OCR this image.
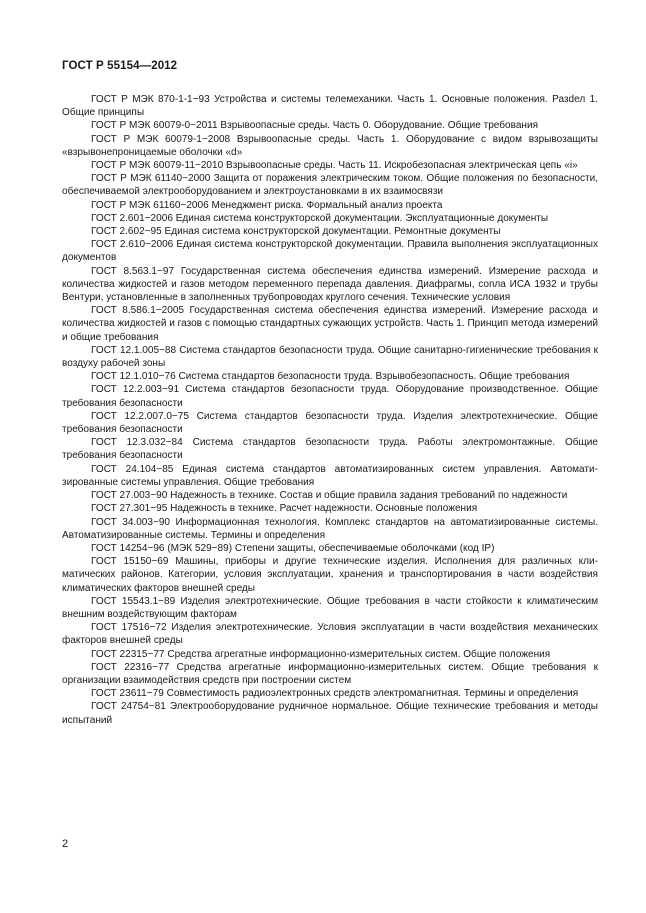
ГОСТ Р 55154—2012
ГОСТ Р МЭК 870-1-1−93 Устройства и системы телемеханики. Часть 1. Основные положения. Разdел 1. Общие принципы
ГОСТ Р МЭК 60079-0−2011 Взрывоопасные среды. Часть 0. Оборудование. Общие требования
ГОСТ Р МЭК 60079-1−2008 Взрывоопасные среды. Часть 1. Оборудование с видом взрывозащиты «взрывонепроницаемые оболочки «d»
ГОСТ Р МЭК 60079-11−2010 Взрывоопасные среды. Часть 11. Искробезопасная электрическая цепь «i»
ГОСТ Р МЭК 61140−2000 Защита от поражения электрическим током. Общие положения по безопасности, обеспечиваемой электрооборудованием и электроустановками в их взаимосвязи
ГОСТ Р МЭК 61160−2006 Менеджмент риска. Формальный анализ проекта
ГОСТ 2.601−2006 Единая система конструкторской документации. Эксплуатационные документы
ГОСТ 2.602−95 Единая система конструкторской документации. Ремонтные документы
ГОСТ 2.610−2006 Единая система конструкторской документации. Правила выполнения эксплуатационных документов
ГОСТ 8.563.1−97 Государственная система обеспечения единства измерений. Измерение расхода и количества жидкостей и газов методом переменного перепада давления. Диафрагмы, сопла ИСА 1932 и трубы Вентури, установленные в заполненных трубопроводах круглого сечения. Технические условия
ГОСТ 8.586.1−2005 Государственная система обеспечения единства измерений. Измерение расхода и количества жидкостей и газов с помощью стандартных сужающих устройств. Часть 1. Принцип метода измерений и общие требования
ГОСТ 12.1.005−88 Система стандартов безопасности труда. Общие санитарно-гигиенические требования к воздуху рабочей зоны
ГОСТ 12.1.010−76 Система стандартов безопасности труда. Взрывобезопасность. Общие требования
ГОСТ 12.2.003−91 Система стандартов безопасности труда. Оборудование производственное. Общие требования безопасности
ГОСТ 12.2.007.0−75 Система стандартов безопасности труда. Изделия электротехнические. Общие требования безопасности
ГОСТ 12.3.032−84 Система стандартов безопасности труда. Работы электромонтажные. Общие требования безопасности
ГОСТ 24.104−85 Единая система стандартов автоматизированных систем управления. Автоматизированные системы управления. Общие требования
ГОСТ 27.003−90 Надежность в технике. Состав и общие правила задания требований по надежности
ГОСТ 27.301−95 Надежность в технике. Расчет надежности. Основные положения
ГОСТ 34.003−90 Информационная технология. Комплекс стандартов на автоматизированные системы. Автоматизированные системы. Термины и определения
ГОСТ 14254−96 (МЭК 529−89) Степени защиты, обеспечиваемые оболочками (код IP)
ГОСТ 15150−69 Машины, приборы и другие технические изделия. Исполнения для различных климатических районов. Категории, условия эксплуатации, хранения и транспортирования в части воздействия климатических факторов внешней среды
ГОСТ 15543.1−89 Изделия электротехнические. Общие требования в части стойкости к климатическим внешним воздействующим факторам
ГОСТ 17516−72 Изделия электротехнические. Условия эксплуатации в части воздействия механических факторов внешней среды
ГОСТ 22315−77 Средства агрегатные информационно-измерительных систем. Общие положения
ГОСТ 22316−77 Средства агрегатные информационно-измерительных систем. Общие требования к организации взаимодействия средств при построении систем
ГОСТ 23611−79 Совместимость радиоэлектронных средств электромагнитная. Термины и определения
ГОСТ 24754−81 Электрооборудование рудничное нормальное. Общие технические требования и методы испытаний
2
